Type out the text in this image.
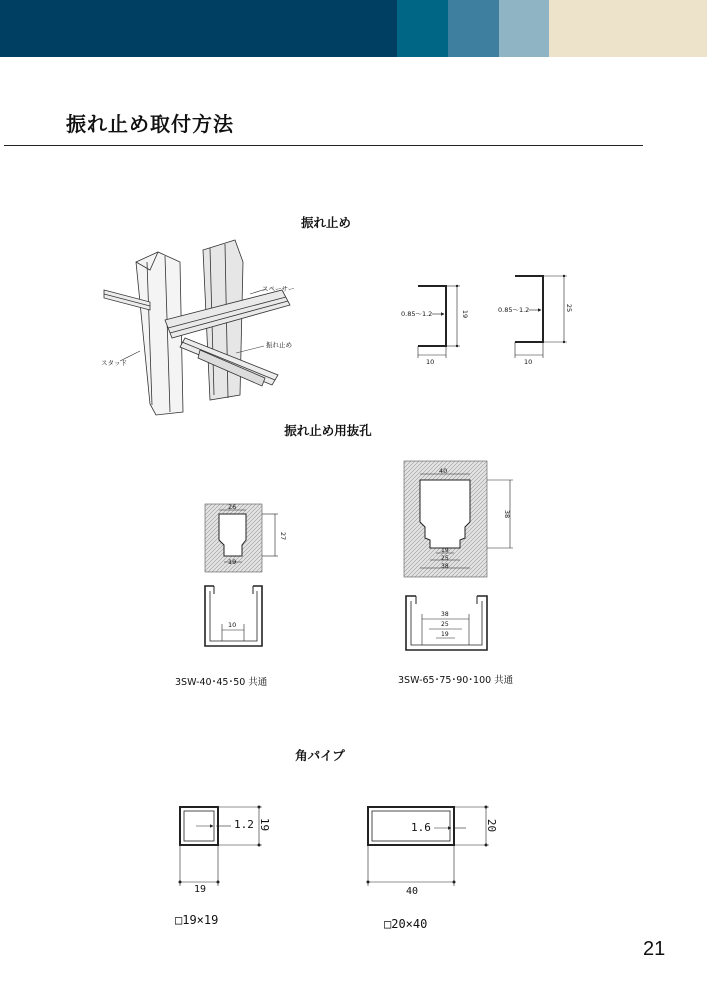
振れ止め取付方法
振れ止め
スペーサー
振れ止め
スタッド
0.85～1.2	19
10
0.85～1.2	25
10
振れ止め用抜孔
26
27
19
10
40
38
19
25
38
38
25
19
3SW-40･45･50 共通	3SW-65･75･90･100 共通
角パイプ
1.2 19
19
1.6	20
40
□19×19	□20×40
21
